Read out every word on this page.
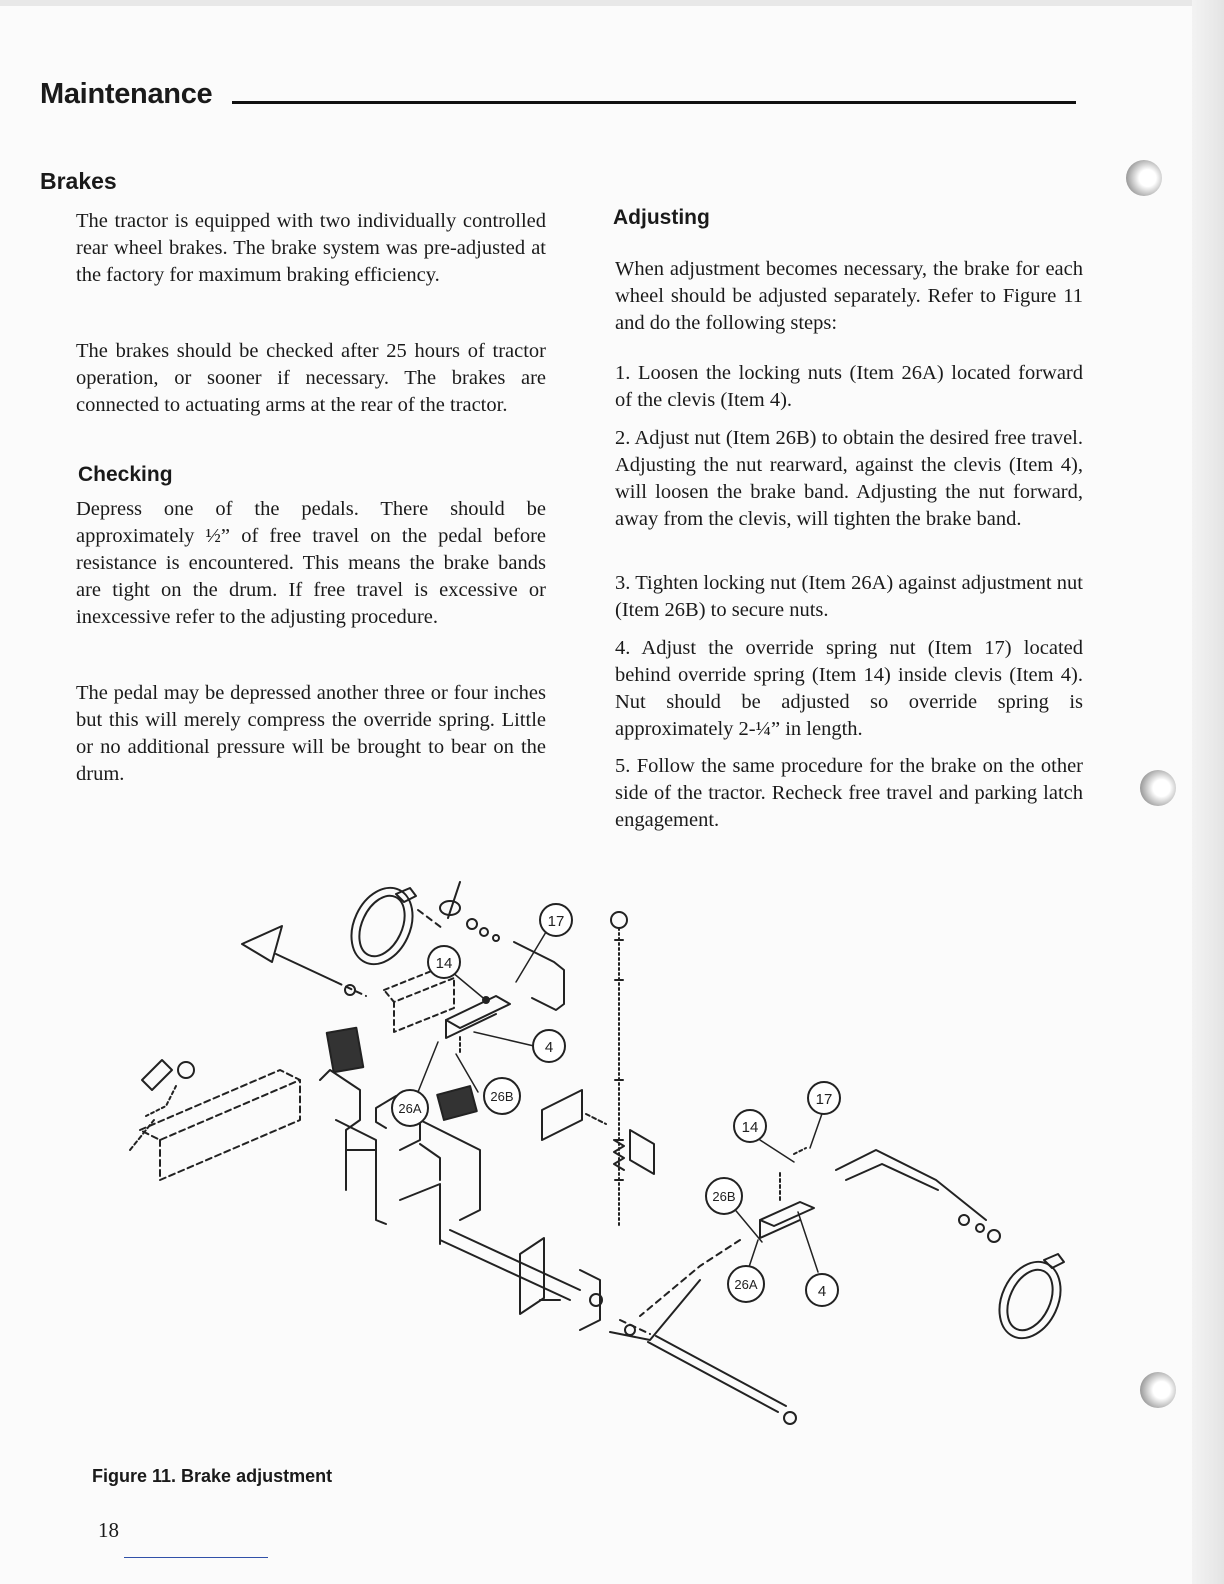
Maintenance
Brakes

The tractor is equipped with two individually controlled rear wheel brakes. The brake system was pre-adjusted at the factory for maximum braking efficiency.

The brakes should be checked after 25 hours of tractor operation, or sooner if necessary. The brakes are connected to actuating arms at the rear of the tractor.

Checking

Depress one of the pedals. There should be approximately ½” of free travel on the pedal before resistance is encountered. This means the brake bands are tight on the drum. If free travel is excessive or inexcessive refer to the adjusting procedure.

The pedal may be depressed another three or four inches but this will merely compress the override spring. Little or no additional pressure will be brought to bear on the drum.

Adjusting

When adjustment becomes necessary, the brake for each wheel should be adjusted separately. Refer to Figure 11 and do the following steps:

1. Loosen the locking nuts (Item 26A) located forward of the clevis (Item 4).

2. Adjust nut (Item 26B) to obtain the desired free travel. Adjusting the nut rearward, against the clevis (Item 4), will loosen the brake band. Adjusting the nut forward, away from the clevis, will tighten the brake band.

3. Tighten locking nut (Item 26A) against adjustment nut (Item 26B) to secure nuts.

4. Adjust the override spring nut (Item 17) located behind override spring (Item 14) inside clevis (Item 4). Nut should be adjusted so override spring is approximately 2-¼” in length.

5. Follow the same procedure for the brake on the other side of the tractor. Recheck free travel and parking latch engagement.

17
14
4
26B
26A
17
14
26B
26A	4
Figure 11. Brake adjustment
18
